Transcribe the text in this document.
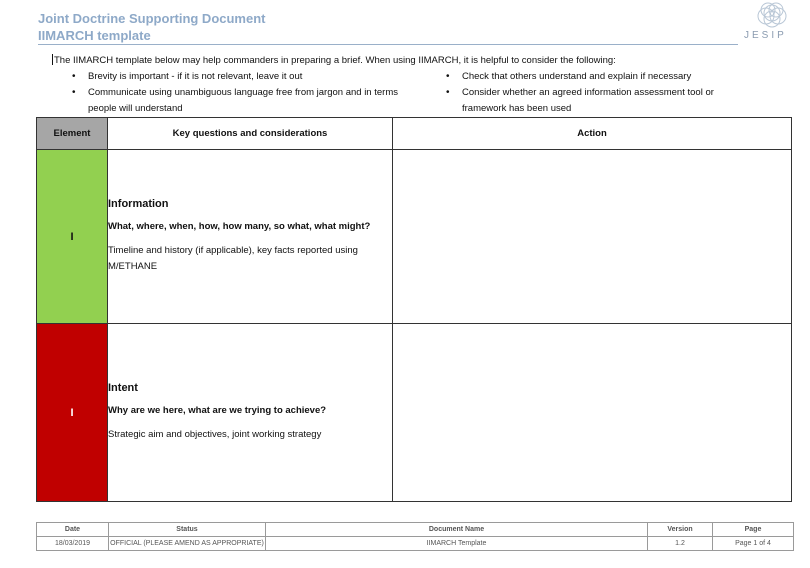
Joint Doctrine Supporting Document
IIMARCH template	JESIP
The IIMARCH template below may help commanders in preparing a brief. When using IIMARCH, it is helpful to consider the following:
• Brevity is important - if it is not relevant, leave it out
• Communicate using unambiguous language free from jargon and in terms people will understand
• Check that others understand and explain if necessary
• Consider whether an agreed information assessment tool or framework has been used
Element	Key questions and considerations	Action
I	Information

What, where, when, how, how many, so what, what might?

Timeline and history (if applicable), key facts reported using M/ETHANE	

I	Intent

Why are we here, what are we trying to achieve?

Strategic aim and objectives, joint working strategy	

Date	Status	Document Name	Version	Page
18/03/2019	OFFICIAL (PLEASE AMEND AS APPROPRIATE)	IIMARCH Template	1.2	Page 1 of 4
